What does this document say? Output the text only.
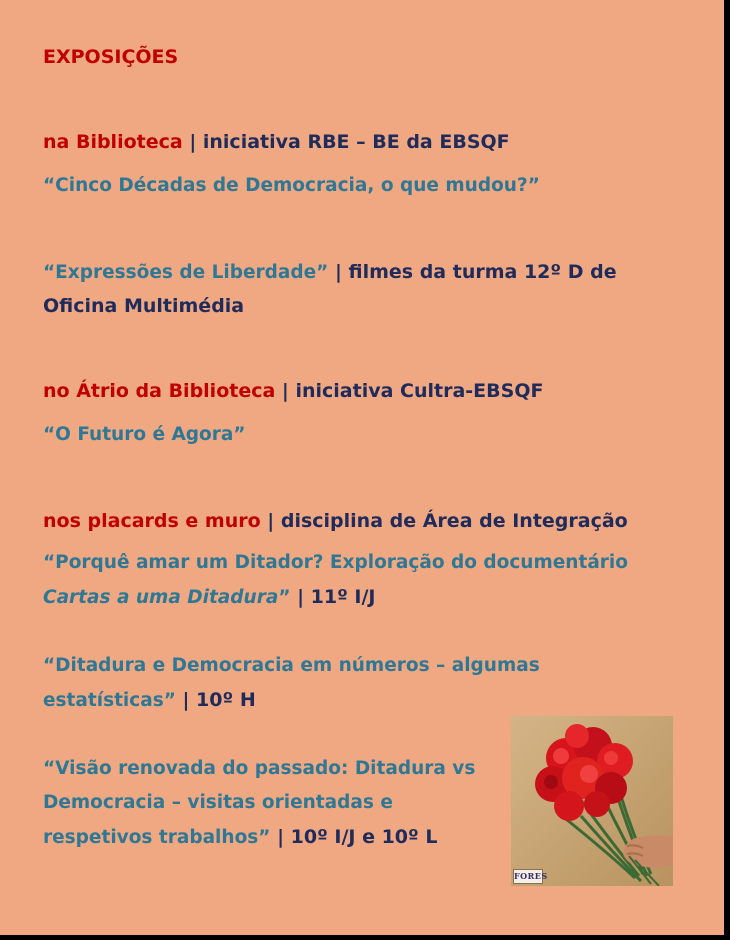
EXPOSIÇÕES
na Biblioteca | iniciativa RBE – BE da EBSQF
“Cinco Décadas de Democracia, o que mudou?”
“Expressões de Liberdade” | filmes da turma 12º D de
Oficina Multimédia
no Átrio da Biblioteca | iniciativa Cultra-EBSQF
“O Futuro é Agora”
nos placards e muro | disciplina de Área de Integração
“Porquê amar um Ditador? Exploração do documentário
Cartas a uma Ditadura” | 11º I/J
“Ditadura e Democracia em números – algumas
estatísticas” | 10º H
“Visão renovada do passado: Ditadura vs
Democracia – visitas orientadas e
respetivos trabalhos” | 10º I/J e 10º L
FORES
